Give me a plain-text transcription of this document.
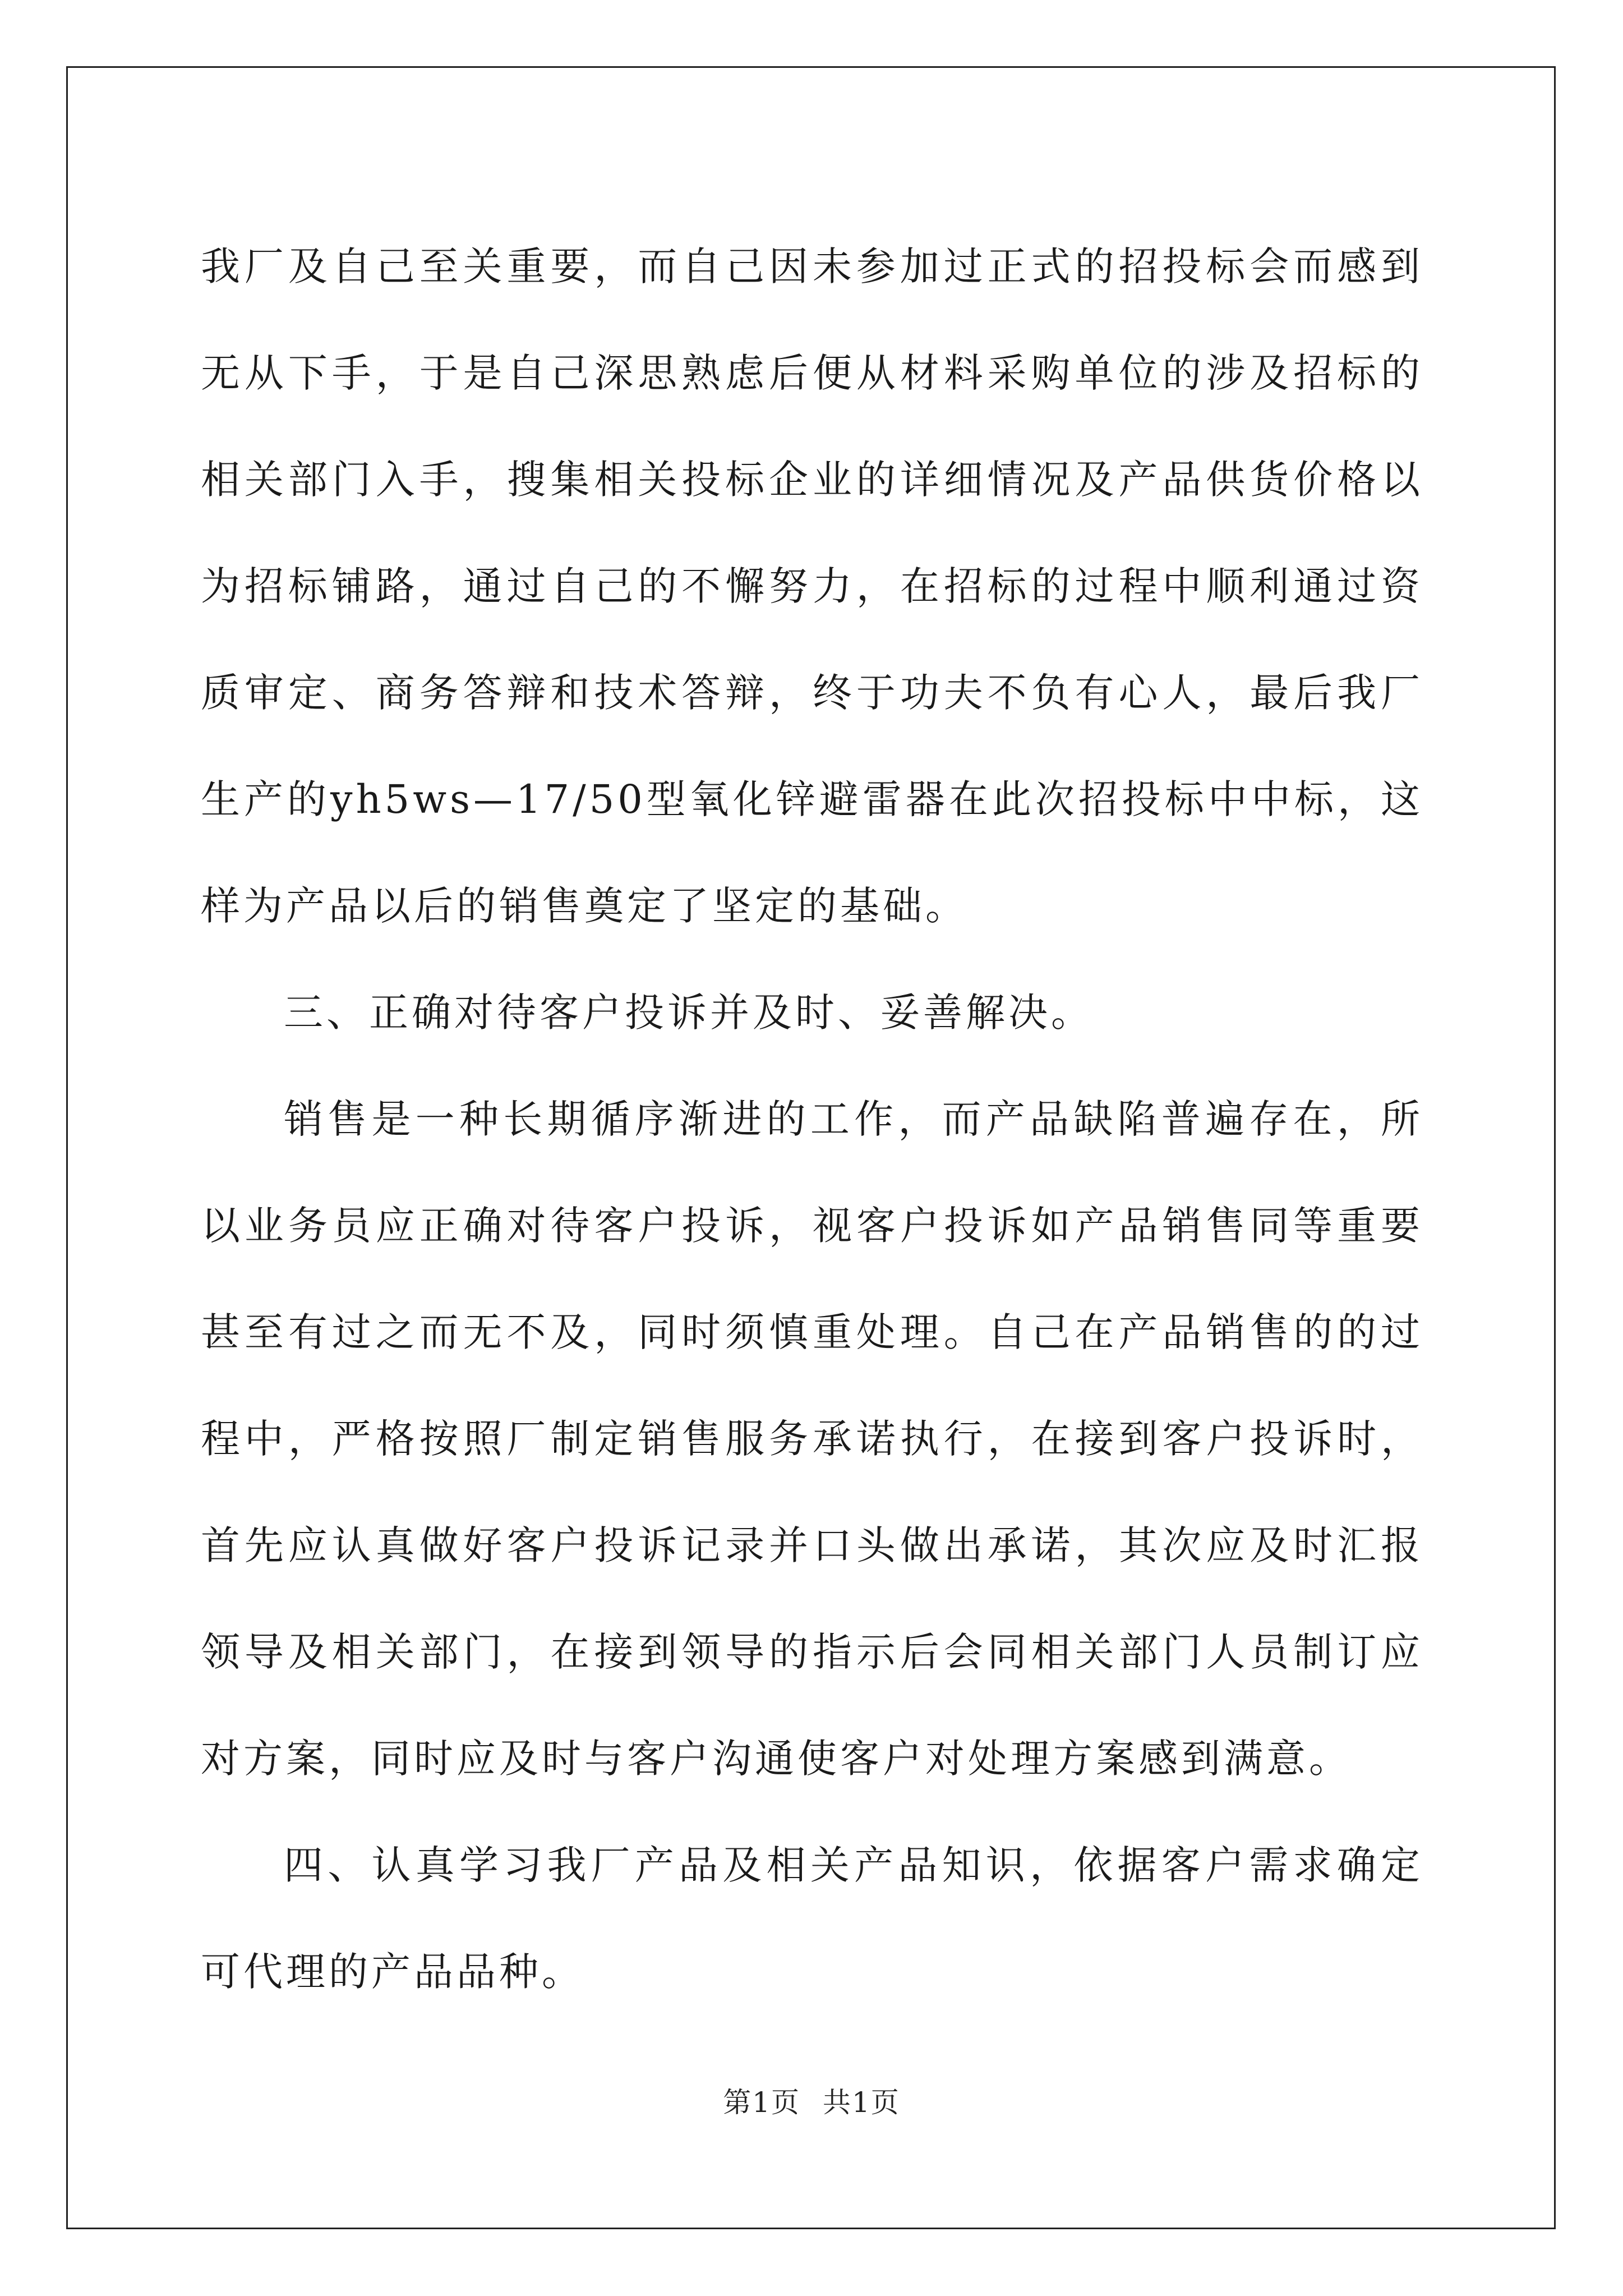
我厂及自己至关重要，而自己因未参加过正式的招投标会而感到无从下手，于是自己深思熟虑后便从材料采购单位的涉及招标的相关部门入手，搜集相关投标企业的详细情况及产品供货价格以为招标铺路，通过自己的不懈努力，在招标的过程中顺利通过资质审定、商务答辩和技术答辩，终于功夫不负有心人，最后我厂生产的yh5ws—17/50型氧化锌避雷器在此次招投标中中标，这样为产品以后的销售奠定了坚定的基础。

三、正确对待客户投诉并及时、妥善解决。

销售是一种长期循序渐进的工作，而产品缺陷普遍存在，所以业务员应正确对待客户投诉，视客户投诉如产品销售同等重要甚至有过之而无不及，同时须慎重处理。自己在产品销售的的过程中，严格按照厂制定销售服务承诺执行，在接到客户投诉时，首先应认真做好客户投诉记录并口头做出承诺，其次应及时汇报领导及相关部门，在接到领导的指示后会同相关部门人员制订应对方案，同时应及时与客户沟通使客户对处理方案感到满意。

四、认真学习我厂产品及相关产品知识，依据客户需求确定可代理的产品品种。

第1页 共1页
